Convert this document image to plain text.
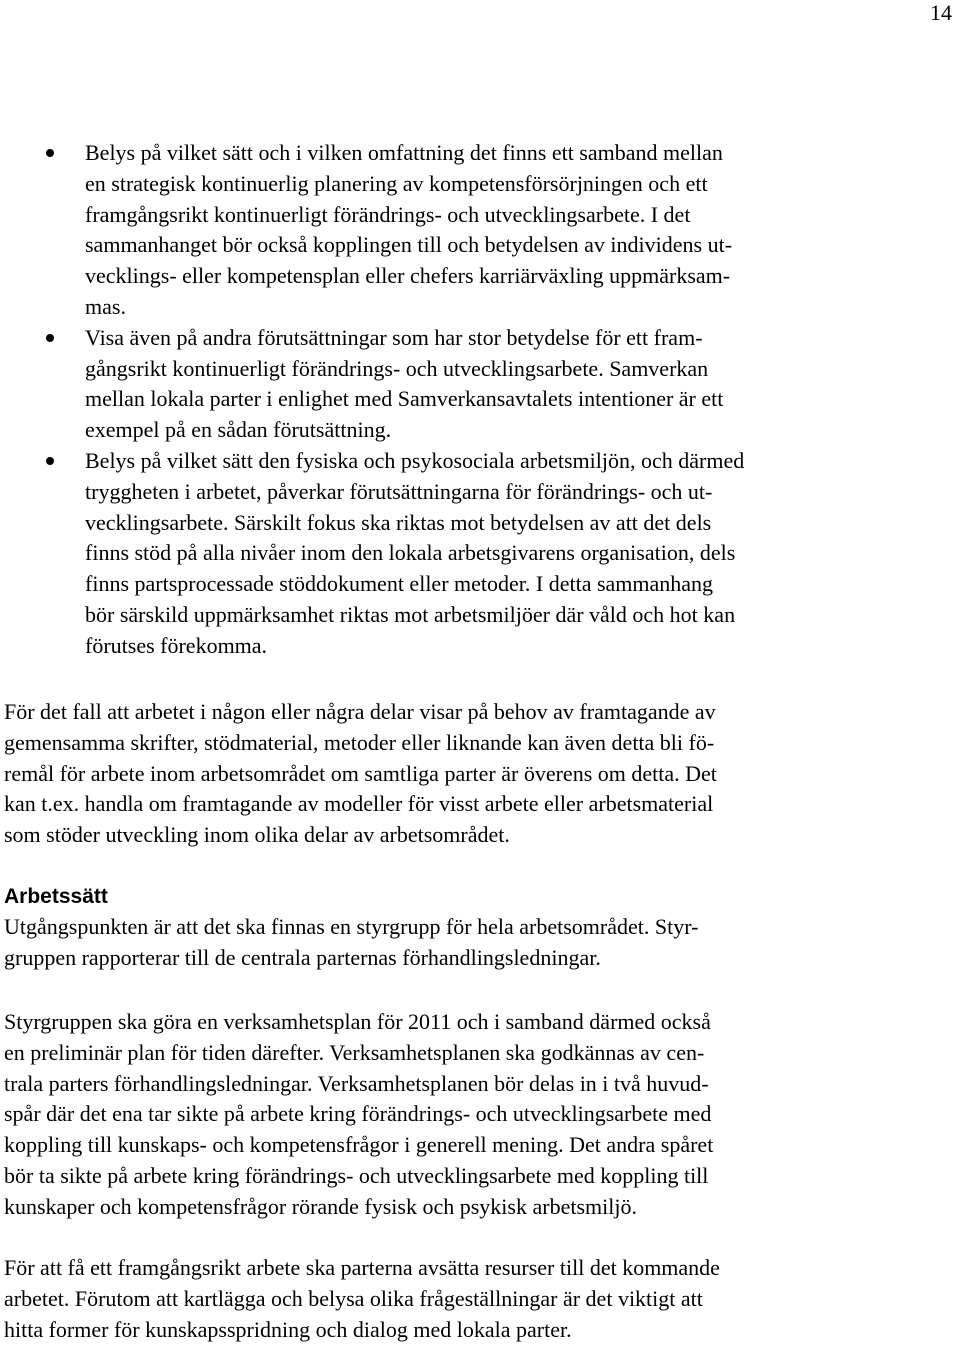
14
Belys på vilket sätt och i vilken omfattning det finns ett samband mellan
en strategisk kontinuerlig planering av kompetensförsörjningen och ett
framgångsrikt kontinuerligt förändrings- och utvecklingsarbete. I det
sammanhanget bör också kopplingen till och betydelsen av individens ut-
vecklings- eller kompetensplan eller chefers karriärväxling uppmärksam-
mas.
Visa även på andra förutsättningar som har stor betydelse för ett fram-
gångsrikt kontinuerligt förändrings- och utvecklingsarbete. Samverkan
mellan lokala parter i enlighet med Samverkansavtalets intentioner är ett
exempel på en sådan förutsättning.
Belys på vilket sätt den fysiska och psykosociala arbetsmiljön, och därmed
tryggheten i arbetet, påverkar förutsättningarna för förändrings- och ut-
vecklingsarbete. Särskilt fokus ska riktas mot betydelsen av att det dels
finns stöd på alla nivåer inom den lokala arbetsgivarens organisation, dels
finns partsprocessade stöddokument eller metoder. I detta sammanhang
bör särskild uppmärksamhet riktas mot arbetsmiljöer där våld och hot kan
förutses förekomma.
För det fall att arbetet i någon eller några delar visar på behov av framtagande av
gemensamma skrifter, stödmaterial, metoder eller liknande kan även detta bli fö-
remål för arbete inom arbetsområdet om samtliga parter är överens om detta. Det
kan t.ex. handla om framtagande av modeller för visst arbete eller arbetsmaterial
som stöder utveckling inom olika delar av arbetsområdet.
Arbetssätt
Utgångspunkten är att det ska finnas en styrgrupp för hela arbetsområdet. Styr-
gruppen rapporterar till de centrala parternas förhandlingsledningar.
Styrgruppen ska göra en verksamhetsplan för 2011 och i samband därmed också
en preliminär plan för tiden därefter. Verksamhetsplanen ska godkännas av cen-
trala parters förhandlingsledningar. Verksamhetsplanen bör delas in i två huvud-
spår där det ena tar sikte på arbete kring förändrings- och utvecklingsarbete med
koppling till kunskaps- och kompetensfrågor i generell mening. Det andra spåret
bör ta sikte på arbete kring förändrings- och utvecklingsarbete med koppling till
kunskaper och kompetensfrågor rörande fysisk och psykisk arbetsmiljö.
För att få ett framgångsrikt arbete ska parterna avsätta resurser till det kommande
arbetet. Förutom att kartlägga och belysa olika frågeställningar är det viktigt att
hitta former för kunskapsspridning och dialog med lokala parter.
